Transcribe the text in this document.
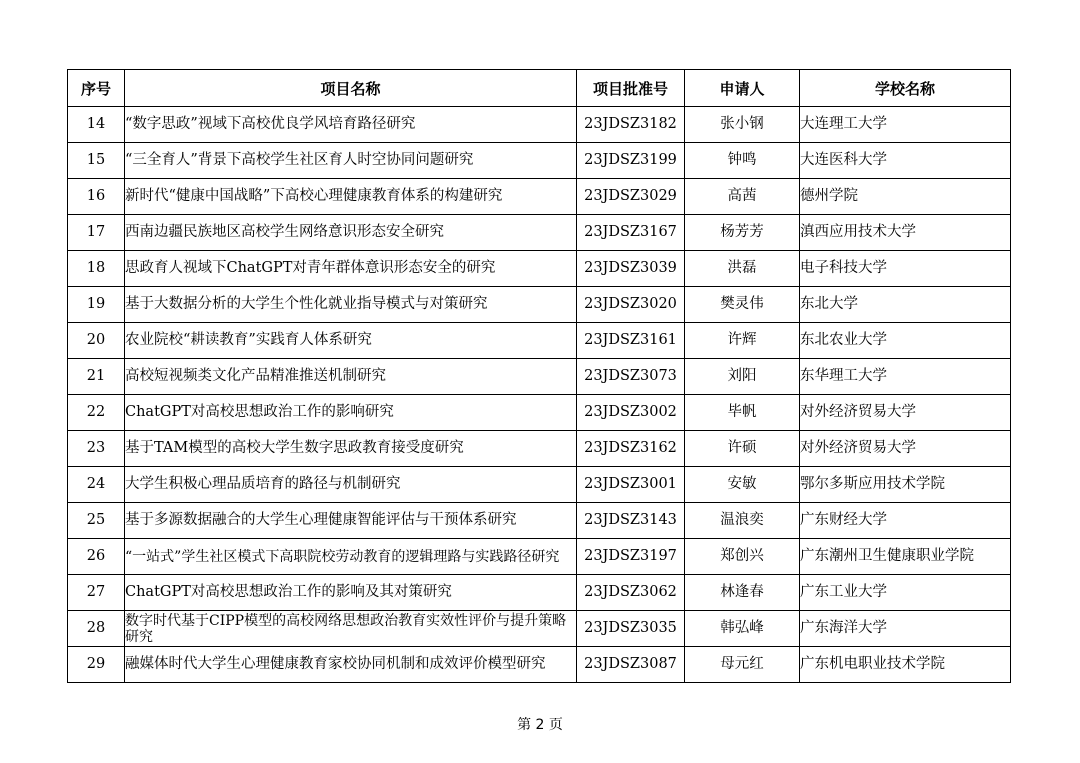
序号	项目名称	项目批准号	申请人	学校名称
14	“数字思政”视域下高校优良学风培育路径研究	23JDSZ3182	张小钢	大连理工大学
15	“三全育人”背景下高校学生社区育人时空协同问题研究	23JDSZ3199	钟鸣	大连医科大学
16	新时代“健康中国战略”下高校心理健康教育体系的构建研究	23JDSZ3029	高茜	德州学院
17	西南边疆民族地区高校学生网络意识形态安全研究	23JDSZ3167	杨芳芳	滇西应用技术大学
18	思政育人视域下ChatGPT对青年群体意识形态安全的研究	23JDSZ3039	洪磊	电子科技大学
19	基于大数据分析的大学生个性化就业指导模式与对策研究	23JDSZ3020	樊灵伟	东北大学
20	农业院校“耕读教育”实践育人体系研究	23JDSZ3161	许辉	东北农业大学
21	高校短视频类文化产品精准推送机制研究	23JDSZ3073	刘阳	东华理工大学
22	ChatGPT对高校思想政治工作的影响研究	23JDSZ3002	毕帆	对外经济贸易大学
23	基于TAM模型的高校大学生数字思政教育接受度研究	23JDSZ3162	许硕	对外经济贸易大学
24	大学生积极心理品质培育的路径与机制研究	23JDSZ3001	安敏	鄂尔多斯应用技术学院
25	基于多源数据融合的大学生心理健康智能评估与干预体系研究	23JDSZ3143	温浪奕	广东财经大学
26	“一站式”学生社区模式下高职院校劳动教育的逻辑理路与实践路径研究	23JDSZ3197	郑创兴	广东潮州卫生健康职业学院
27	ChatGPT对高校思想政治工作的影响及其对策研究	23JDSZ3062	林逢春	广东工业大学
28	数字时代基于CIPP模型的高校网络思想政治教育实效性评价与提升策略研究	23JDSZ3035	韩弘峰	广东海洋大学
29	融媒体时代大学生心理健康教育家校协同机制和成效评价模型研究	23JDSZ3087	母元红	广东机电职业技术学院
第 2 页
